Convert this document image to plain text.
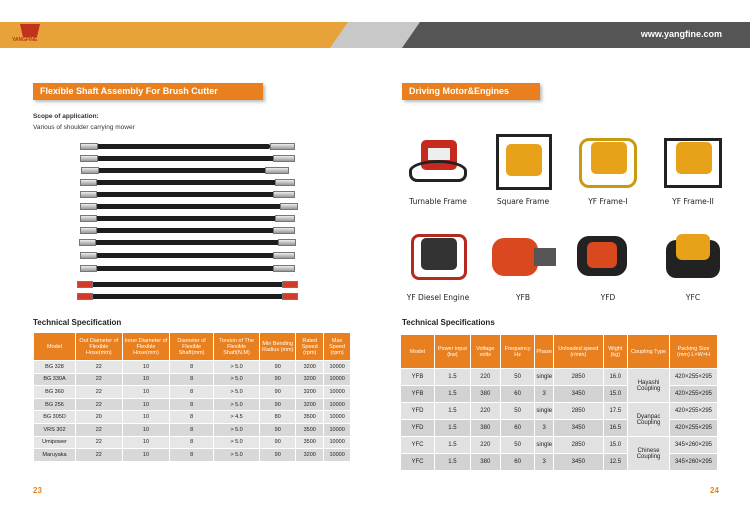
YANGFINE
www.yangfine.com
Flexible Shaft Assembly For Brush Cutter
Scope of application:
Various of shoulder carrying mower
Technical Specification
Model	Out Diameter of Flexible Hose(mm)	Inner Diameter of Flexible Hose(mm)	Diameter of Flexible Shaft(mm)	Torsion of The Flexible Shaft(N.M)	Min Bending Radius (mm)	Rated Speed (rpm)	Max Speed (rpm)
BG 328	22	10	8	> 5.0	90	3200	10000
BG 330A	22	10	8	> 5.0	90	3200	10000
BG 360	22	10	8	> 5.0	90	3200	10000
BG 256	22	10	8	> 5.0	90	3200	10000
BG 305D	20	10	8	> 4.5	80	3500	10000
VRS 302	22	10	8	> 5.0	90	3500	10000
Umipower	22	10	8	> 5.0	90	3500	10000
Maruyaka	22	10	8	> 5.0	90	3200	10000
23
Driving Motor&Engines
Turnable Frame	Square Frame	YF Frame-I	YF Frame-II
YF Diesel Engine	YFB	YFD	YFC
Technical Specifications
Model	Power input (kw)	Voltage volts	Frequency Hz	Phase	Unloaded speed (r/min)	Wight (kg)	Coupling Type	Packing Size (mm) L×W×H
YFB	1.5	220	50	single	2850	16.0	Hayashi Coupling	420×255×295
YFB	1.5	380	60	3	3450	15.0		420×255×295
YFD	1.5	220	50	single	2850	17.5	Dyanpac Coupling	420×255×295
YFD	1.5	380	60	3	3450	16.5		420×255×295
YFC	1.5	220	50	single	2850	15.0	Chinese Coupling	345×260×295
YFC	1.5	380	60	3	3450	12.5		345×260×295
24
